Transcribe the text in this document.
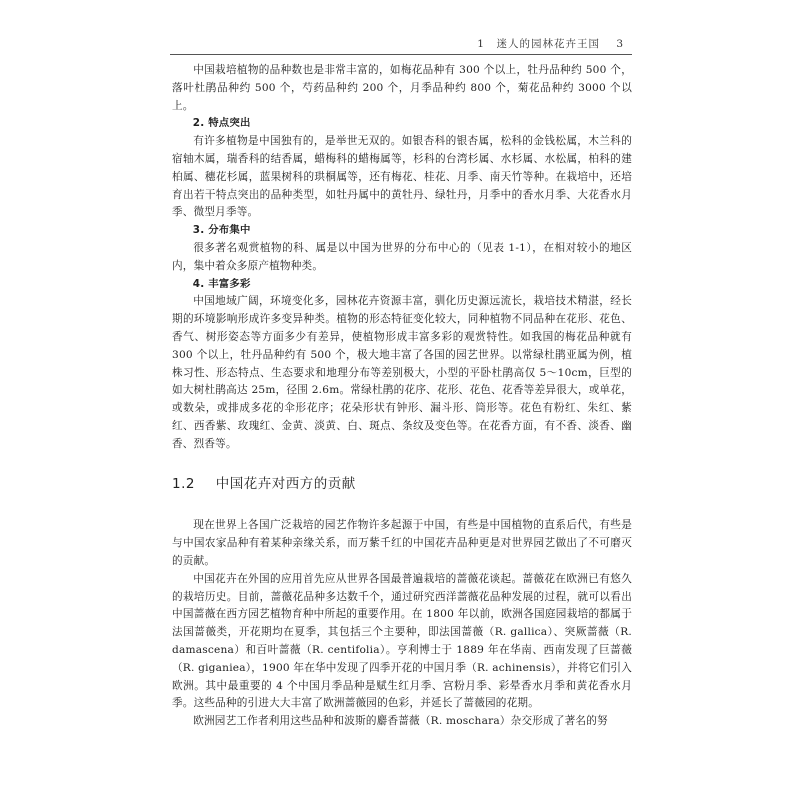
1　迷人的园林花卉王国 3

中国栽培植物的品种数也是非常丰富的，如梅花品种有 300 个以上，牡丹品种约 500 个，落叶杜鹃品种约 500 个，芍药品种约 200 个，月季品种约 800 个，菊花品种约 3000 个以上。

2. 特点突出

有许多植物是中国独有的，是举世无双的。如银杏科的银杏属，松科的金钱松属，木兰科的宿轴木属，瑞香科的结香属，蜡梅科的蜡梅属等，杉科的台湾杉属、水杉属、水松属，柏科的建柏属、穗花杉属，蓝果树科的珙桐属等，还有梅花、桂花、月季、南天竹等种。在栽培中，还培育出若干特点突出的品种类型，如牡丹属中的黄牡丹、绿牡丹，月季中的香水月季、大花香水月季、微型月季等。

3. 分布集中

很多著名观赏植物的科、属是以中国为世界的分布中心的（见表 1-1），在相对较小的地区内，集中着众多原产植物种类。

4. 丰富多彩

中国地域广阔，环境变化多，园林花卉资源丰富，驯化历史源远流长，栽培技术精湛，经长期的环境影响形成许多变异种类。植物的形态特征变化较大，同种植物不同品种在花形、花色、香气、树形姿态等方面多少有差异，使植物形成丰富多彩的观赏特性。如我国的梅花品种就有 300 个以上，牡丹品种约有 500 个，极大地丰富了各国的园艺世界。以常绿杜鹃亚属为例，植株习性、形态特点、生态要求和地理分布等差别极大，小型的平卧杜鹃高仅 5～10cm，巨型的如大树杜鹃高达 25m，径围 2.6m。常绿杜鹃的花序、花形、花色、花香等差异很大，或单花，或数朵，或排成多花的伞形花序；花朵形状有钟形、漏斗形、筒形等。花色有粉红、朱红、紫红、西香紫、玫瑰红、金黄、淡黄、白、斑点、条纹及变色等。在花香方面，有不香、淡香、幽香、烈香等。

1.2 中国花卉对西方的贡献

现在世界上各国广泛栽培的园艺作物许多起源于中国，有些是中国植物的直系后代，有些是与中国农家品种有着某种亲缘关系，而万紫千红的中国花卉品种更是对世界园艺做出了不可磨灭的贡献。

中国花卉在外国的应用首先应从世界各国最普遍栽培的蔷薇花谈起。蔷薇花在欧洲已有悠久的栽培历史。目前，蔷薇花品种多达数千个，通过研究西洋蔷薇花品种发展的过程，就可以看出中国蔷薇在西方园艺植物育种中所起的重要作用。在 1800 年以前，欧洲各国庭园栽培的都属于法国蔷薇类，开花期均在夏季，其包括三个主要种，即法国蔷薇（R. gallica）、突厥蔷薇（R. damascena）和百叶蔷薇（R. centifolia）。亨利博士于 1889 年在华南、西南发现了巨蔷薇（R. giganiea），1900 年在华中发现了四季开花的中国月季（R. achinensis），并将它们引入欧洲。其中最重要的 4 个中国月季品种是赋生红月季、宫粉月季、彩晕香水月季和黄花香水月季。这些品种的引进大大丰富了欧洲蔷薇园的色彩，并延长了蔷薇园的花期。

欧洲园艺工作者利用这些品种和波斯的麝香蔷薇（R. moschara）杂交形成了著名的努
